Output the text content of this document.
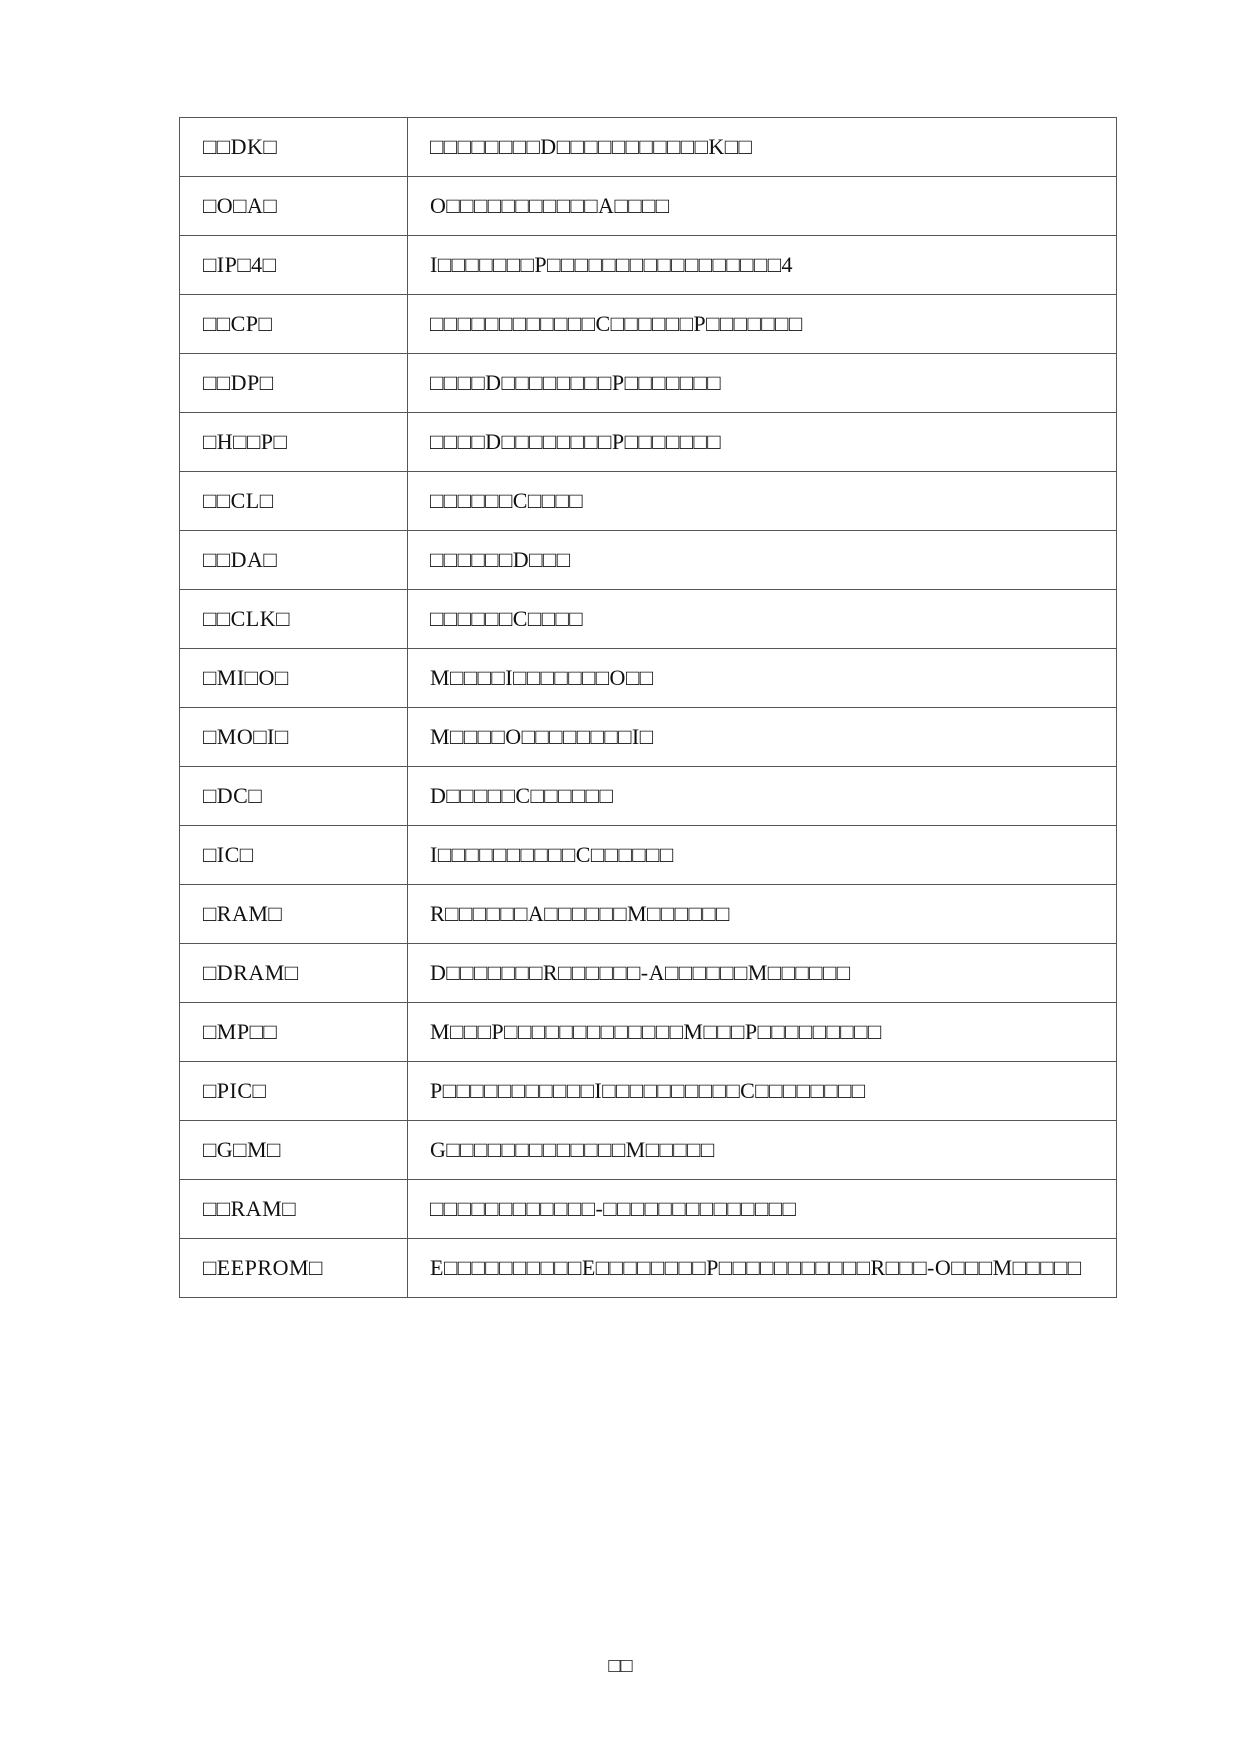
□□DK□	□□□□□□□□D□□□□□□□□□□□K□□
□O□A□	O□□□□□□□□□□□A□□□□
□IP□4□	I□□□□□□□P□□□□□□□□□□□□□□□□□4
□□CP□	□□□□□□□□□□□□C□□□□□□P□□□□□□□
□□DP□	□□□□D□□□□□□□□P□□□□□□□
□H□□P□	□□□□D□□□□□□□□P□□□□□□□
□□CL□	□□□□□□C□□□□
□□DA□	□□□□□□D□□□
□□CLK□	□□□□□□C□□□□
□MI□O□	M□□□□I□□□□□□□O□□
□MO□I□	M□□□□O□□□□□□□□I□
□DC□	D□□□□□C□□□□□□
□IC□	I□□□□□□□□□□C□□□□□□
□RAM□	R□□□□□□A□□□□□□M□□□□□□
□DRAM□	D□□□□□□□R□□□□□□-A□□□□□□M□□□□□□
□MP□□	M□□□P□□□□□□□□□□□□□M□□□P□□□□□□□□□
□PIC□	P□□□□□□□□□□□I□□□□□□□□□□C□□□□□□□□
□G□M□	G□□□□□□□□□□□□□M□□□□□
□□RAM□	□□□□□□□□□□□□-□□□□□□□□□□□□□□
□EEPROM□	E□□□□□□□□□□E□□□□□□□□P□□□□□□□□□□□R□□□-O□□□M□□□□□
□□
